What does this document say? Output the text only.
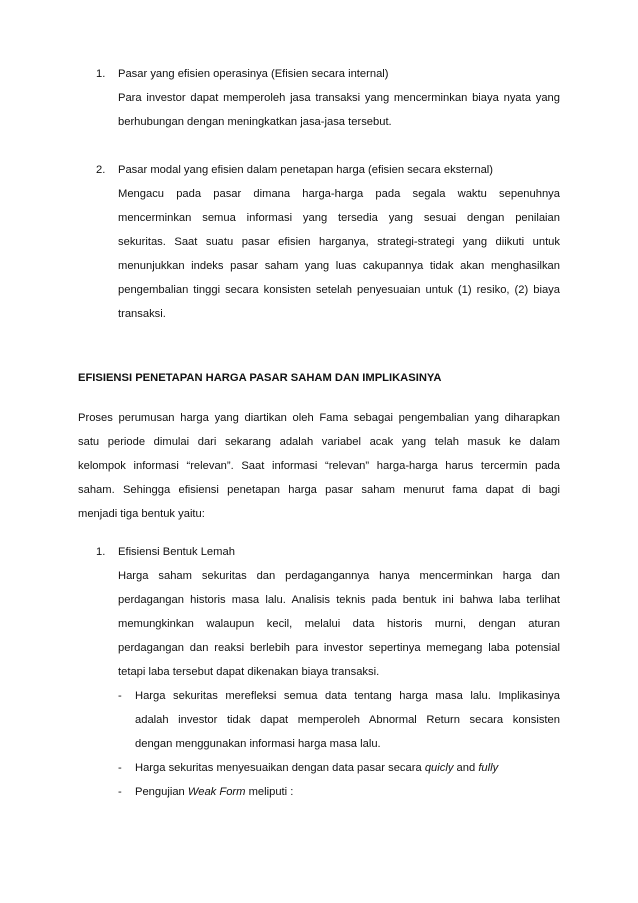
1. Pasar yang efisien operasinya (Efisien secara internal)
Para investor dapat memperoleh jasa transaksi yang mencerminkan biaya nyata yang
berhubungan dengan meningkatkan jasa-jasa tersebut.
2. Pasar modal yang efisien dalam penetapan harga (efisien secara eksternal)
Mengacu pada pasar dimana harga-harga pada segala waktu sepenuhnya
mencerminkan semua informasi yang tersedia yang sesuai dengan penilaian
sekuritas. Saat suatu pasar efisien harganya, strategi-strategi yang diikuti untuk
menunjukkan indeks pasar saham yang luas cakupannya tidak akan menghasilkan
pengembalian tinggi secara konsisten setelah penyesuaian untuk (1) resiko, (2) biaya
transaksi.
EFISIENSI PENETAPAN HARGA PASAR SAHAM DAN IMPLIKASINYA
Proses perumusan harga yang diartikan oleh Fama sebagai pengembalian yang diharapkan
satu periode dimulai dari sekarang adalah variabel acak yang telah masuk ke dalam
kelompok informasi “relevan”. Saat informasi “relevan” harga-harga harus tercermin pada
saham. Sehingga efisiensi penetapan harga pasar saham menurut fama dapat di bagi
menjadi tiga bentuk yaitu:
1. Efisiensi Bentuk Lemah
Harga saham sekuritas dan perdagangannya hanya mencerminkan harga dan
perdagangan historis masa lalu. Analisis teknis pada bentuk ini bahwa laba terlihat
memungkinkan walaupun kecil, melalui data historis murni, dengan aturan
perdagangan dan reaksi berlebih para investor sepertinya memegang laba potensial
tetapi laba tersebut dapat dikenakan biaya transaksi.
- Harga sekuritas merefleksi semua data tentang harga masa lalu. Implikasinya
adalah investor tidak dapat memperoleh Abnormal Return secara konsisten
dengan menggunakan informasi harga masa lalu.
- Harga sekuritas menyesuaikan dengan data pasar secara quicly and fully
- Pengujian Weak Form meliputi :
